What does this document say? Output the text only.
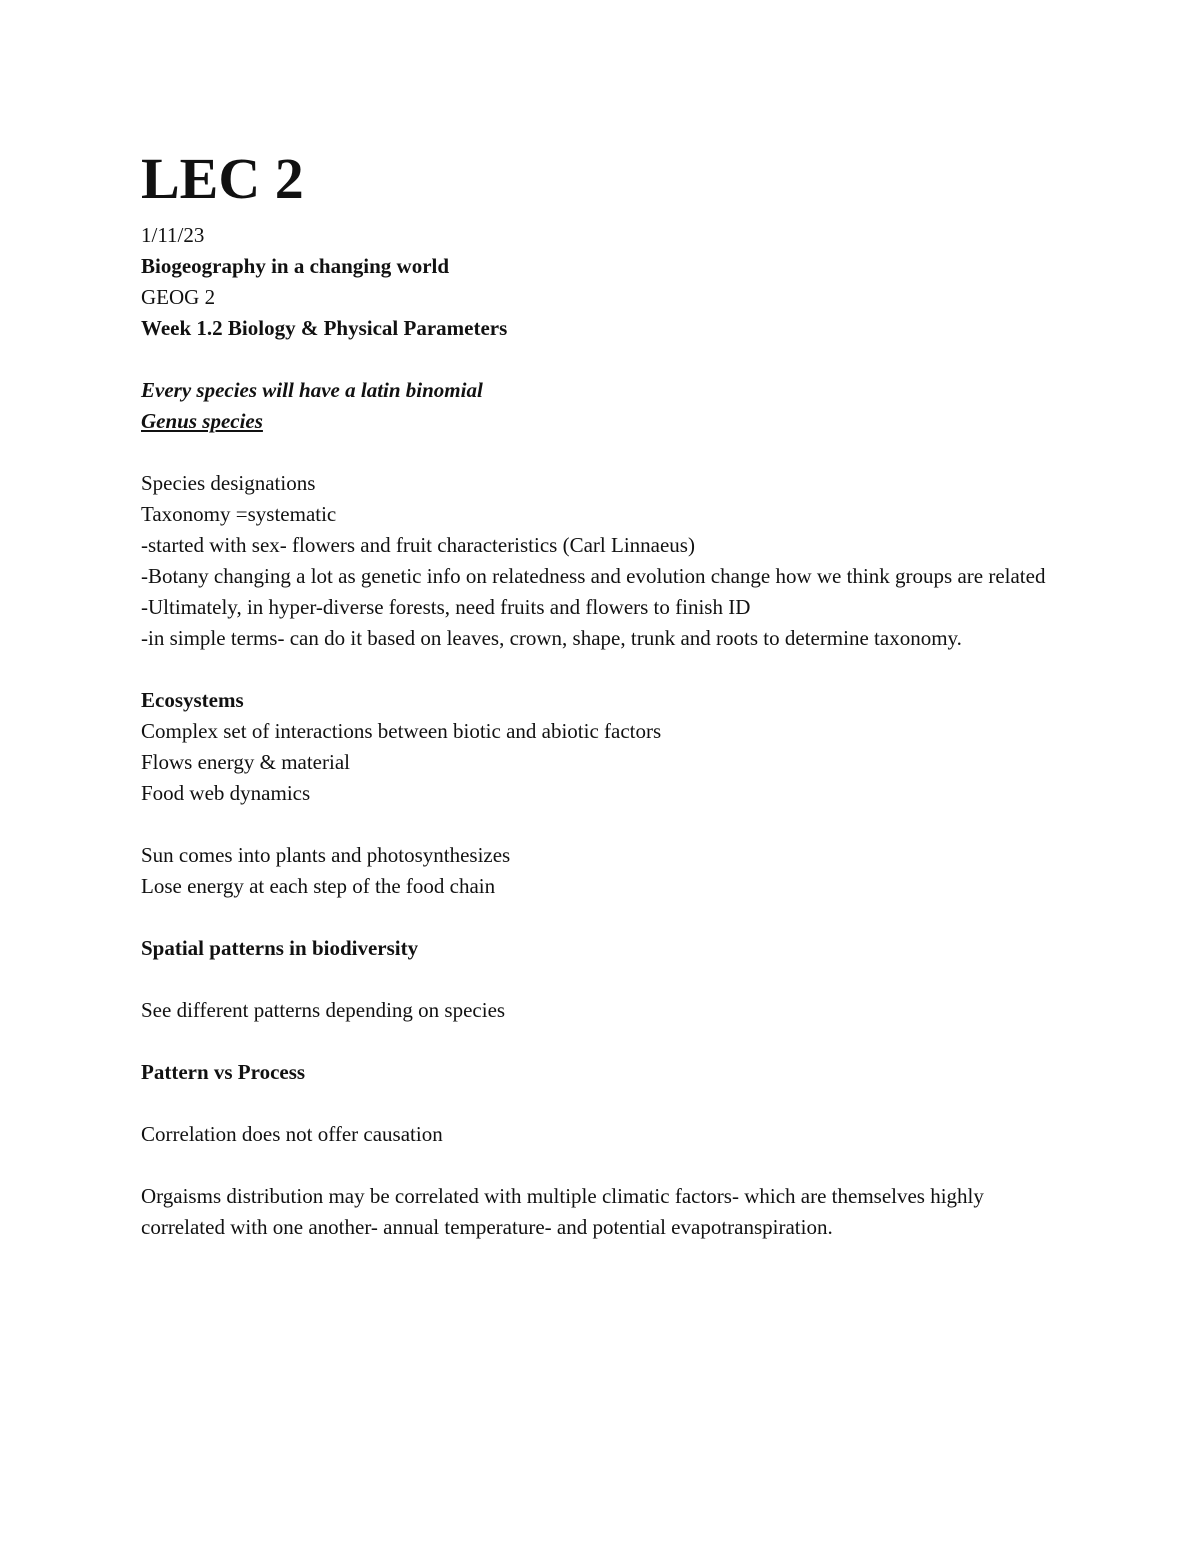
LEC 2

1/11/23

Biogeography in a changing world

GEOG 2

Week 1.2 Biology & Physical Parameters

Every species will have a latin binomial

Genus species

Species designations

Taxonomy =systematic

-started with sex- flowers and fruit characteristics (Carl Linnaeus)

-Botany changing a lot as genetic info on relatedness and evolution change how we think groups are related

-Ultimately, in hyper-diverse forests, need fruits and flowers to finish ID

-in simple terms- can do it based on leaves, crown, shape, trunk and roots to determine taxonomy.

Ecosystems

Complex set of interactions between biotic and abiotic factors

Flows energy & material

Food web dynamics

Sun comes into plants and photosynthesizes

Lose energy at each step of the food chain

Spatial patterns in biodiversity

See different patterns depending on species

Pattern vs Process

Correlation does not offer causation

Orgaisms distribution may be correlated with multiple climatic factors- which are themselves highly correlated with one another- annual temperature- and potential evapotranspiration.
